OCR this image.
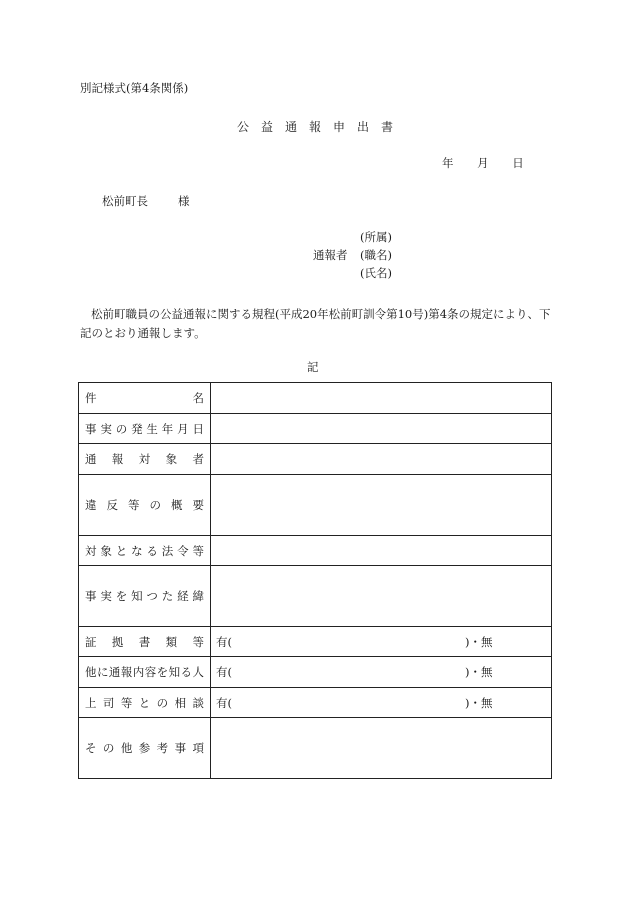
別記様式(第4条関係)
公益通報申出書
年 月 日
松前町長	様
(所属)
通報者 (職名)
(氏名)
松前町職員の公益通報に関する規程(平成20年松前町訓令第10号)第4条の規定により、下記のとおり通報します。
記
件名	
事実の発生年月日	
通報対象者	
違反等の概要	
対象となる法令等	
事実を知つた経緯	
証拠書類等	有( )・無

他に通報内容を知る人	有( )・無

上司等との相談	有( )・無

その他参考事項	
